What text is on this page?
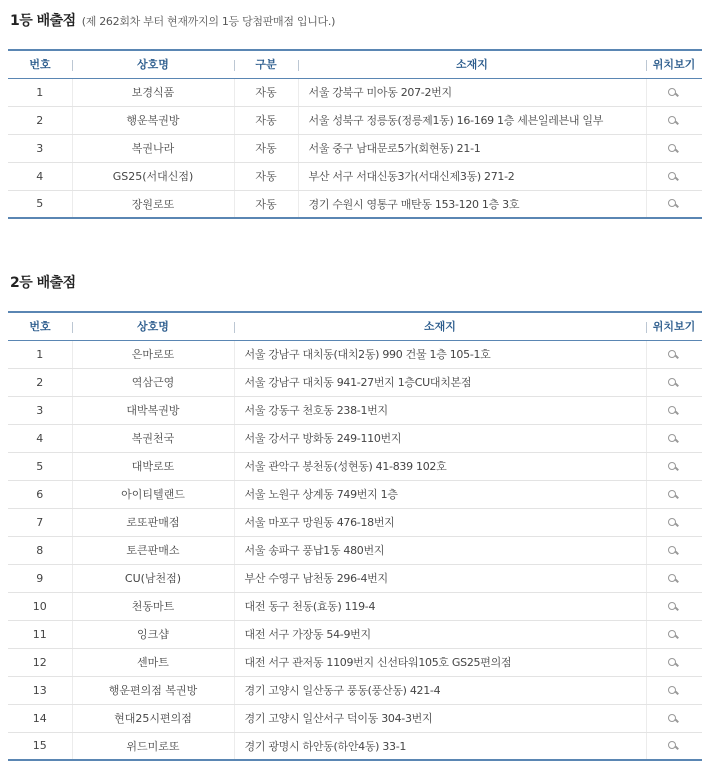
1등 배출점 (제 262회차 부터 현재까지의 1등 당첨판매점 입니다.)
번호	상호명	구분	소재지	위치보기
1	보경식품	자동	서울 강북구 미아동 207-2번지	
2	행운복권방	자동	서울 성북구 정릉동(정릉제1동) 16-169 1층 세븐일레븐내 일부	
3	복권나라	자동	서울 중구 남대문로5가(회현동) 21-1	
4	GS25(서대신점)	자동	부산 서구 서대신동3가(서대신제3동) 271-2	
5	장원로또	자동	경기 수원시 영통구 매탄동 153-120 1층 3호	
2등 배출점
번호	상호명	소재지	위치보기
1	은마로또	서울 강남구 대치동(대치2동) 990 건물 1층 105-1호	
2	역삼근영	서울 강남구 대치동 941-27번지 1층CU대치본점	
3	대박복권방	서울 강동구 천호동 238-1번지	
4	복권천국	서울 강서구 방화동 249-110번지	
5	대박로또	서울 관악구 봉천동(성현동) 41-839 102호	
6	아이티텔랜드	서울 노원구 상계동 749번지 1층	
7	로또판매점	서울 마포구 망원동 476-18번지	
8	토큰판매소	서울 송파구 풍납1동 480번지	
9	CU(남천점)	부산 수영구 남천동 296-4번지	
10	천동마트	대전 동구 천동(효동) 119-4	
11	잉크샵	대전 서구 가장동 54-9번지	
12	센마트	대전 서구 관저동 1109번지 신선타워105호 GS25편의점	
13	행운편의점 복권방	경기 고양시 일산동구 풍동(풍산동) 421-4	
14	현대25시편의점	경기 고양시 일산서구 덕이동 304-3번지	
15	위드미로또	경기 광명시 하안동(하안4동) 33-1	
